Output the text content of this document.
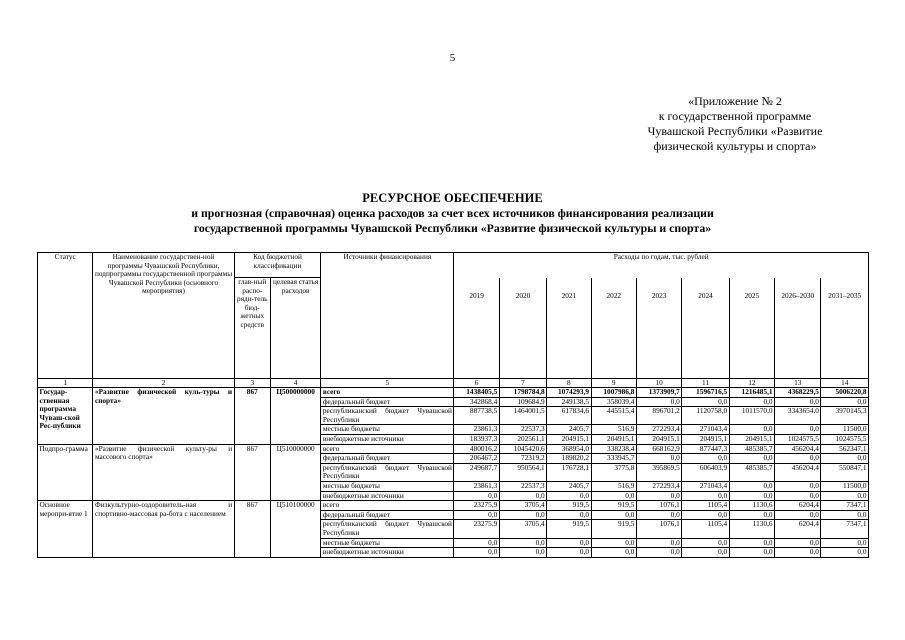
5
«Приложение № 2
к государственной программе
Чувашской Республики «Развитие
физической культуры и спорта»
РЕСУРСНОЕ ОБЕСПЕЧЕНИЕ
и прогнозная (справочная) оценка расходов за счет всех источников финансирования реализации
государственной программы Чувашской Республики «Развитие физической культуры и спорта»
Статус	Наименование государствен-ной программы Чувашской Республики, подпрограммы государственной программы Чувашской Республики (основного мероприятия)	Код бюджетной классификации		Источники финансирования	Расходы по годам, тыс. рублей								
		глав-ный распо-ряди-тель бюд-жетных средств	целевая статья расходов		2019	2020	2021	2022	2023	2024	2025	2026–2030	2031–2035
1	2	3	4	5	6	7	8	9	10	11	12	13	14
Государ-ственная программа Чуваш-ской Рес-публики	«Развитие физической куль-туры и спорта»	867	Ц500000000	всего	1438405,5	1798784,8	1074293,9	1007986,8	1373909,7	1596716,5	1216485,1	4368229,5	5006220,8
				федеральный бюджет	342868,4	109684,9	249138,5	358039,4	0,0	0,0	0,0	0,0	0,0
				республиканский бюджет Чувашской Республики	887738,5	1464001,5	617834,6	445515,4	896701,2	1120758,0	1011570,0	3343654,0	3970145,3
				местные бюджеты	23861,3	22537,3	2405,7	516,9	272293,4	271043,4	0,0	0,0	11500,0
				внебюджетные источники	183937,3	202561,1	204915,1	204915,1	204915,1	204915,1	204915,1	1024575,5	1024575,5
Подпро-грамма	«Развитие физической культу-ры и массового спорта»	867	Ц510000000	всего	480016,2	1045420,6	368954,0	338238,4	668162,9	877447,3	485385,7	456204,4	562347,1
				федеральный бюджет	206467,2	72319,2	189820,2	333945,7	0,0	0,0	0,0	0,0	0,0
				республиканский бюджет Чувашской Республики	249687,7	950564,1	176728,1	3775,8	395869,5	606403,9	485385,7	456204,4	550847,1
				местные бюджеты	23861,3	22537,3	2405,7	516,9	272293,4	271043,4	0,0	0,0	11500,0
				внебюджетные источники	0,0	0,0	0,0	0,0	0,0	0,0	0,0	0,0	0,0
Основное меропри-ятие 1	Физкультурно-оздоровитель-ная и спортивно-массовая ра-бота с населением	867	Ц510100000	всего	23275,9	3705,4	919,5	919,5	1076,1	1105,4	1130,6	6204,4	7347,1
				федеральный бюджет	0,0	0,0	0,0	0,0	0,0	0,0	0,0	0,0	0,0
				республиканский бюджет Чувашской Республики	23275,9	3705,4	919,5	919,5	1076,1	1105,4	1130,6	6204,4	7347,1
				местные бюджеты	0,0	0,0	0,0	0,0	0,0	0,0	0,0	0,0	0,0
				внебюджетные источники	0,0	0,0	0,0	0,0	0,0	0,0	0,0	0,0	0,0
